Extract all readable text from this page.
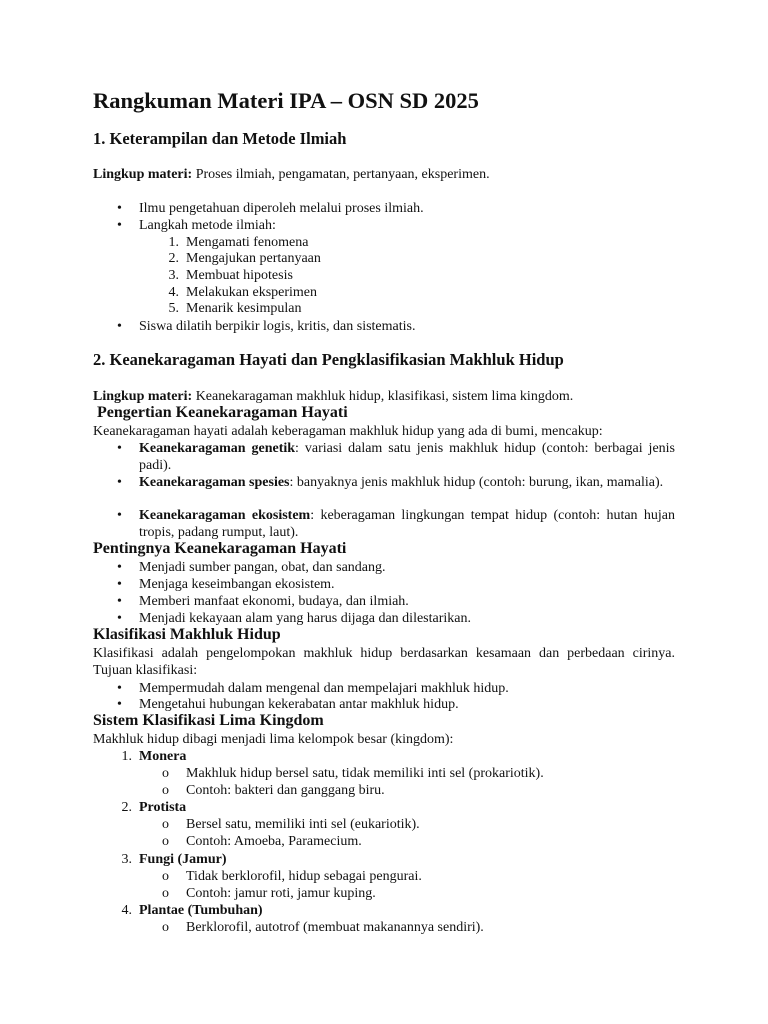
Rangkuman Materi IPA – OSN SD 2025
1. Keterampilan dan Metode Ilmiah

Lingkup materi: Proses ilmiah, pengamatan, pertanyaan, eksperimen.

• Ilmu pengetahuan diperoleh melalui proses ilmiah.
• Langkah metode ilmiah:
1. Mengamati fenomena
2. Mengajukan pertanyaan
3. Membuat hipotesis
4. Melakukan eksperimen
5. Menarik kesimpulan
• Siswa dilatih berpikir logis, kritis, dan sistematis.
2. Keanekaragaman Hayati dan Pengklasifikasian Makhluk Hidup

Lingkup materi: Keanekaragaman makhluk hidup, klasifikasi, sistem lima kingdom.

Pengertian Keanekaragaman Hayati

Keanekaragaman hayati adalah keberagaman makhluk hidup yang ada di bumi, mencakup:

• Keanekaragaman genetik: variasi dalam satu jenis makhluk hidup (contoh: berbagai jenis padi).
• Keanekaragaman spesies: banyaknya jenis makhluk hidup (contoh: burung, ikan, mamalia).
• Keanekaragaman ekosistem: keberagaman lingkungan tempat hidup (contoh: hutan hujan tropis, padang rumput, laut).
Pentingnya Keanekaragaman Hayati
• Menjadi sumber pangan, obat, dan sandang.
• Menjaga keseimbangan ekosistem.
• Memberi manfaat ekonomi, budaya, dan ilmiah.
• Menjadi kekayaan alam yang harus dijaga dan dilestarikan.
Klasifikasi Makhluk Hidup

Klasifikasi adalah pengelompokan makhluk hidup berdasarkan kesamaan dan perbedaan cirinya. Tujuan klasifikasi:

• Mempermudah dalam mengenal dan mempelajari makhluk hidup.
• Mengetahui hubungan kekerabatan antar makhluk hidup.
Sistem Klasifikasi Lima Kingdom

Makhluk hidup dibagi menjadi lima kelompok besar (kingdom):

1. Monera
o Makhluk hidup bersel satu, tidak memiliki inti sel (prokariotik).
o Contoh: bakteri dan ganggang biru.
2. Protista
o Bersel satu, memiliki inti sel (eukariotik).
o Contoh: Amoeba, Paramecium.
3. Fungi (Jamur)
o Tidak berklorofil, hidup sebagai pengurai.
o Contoh: jamur roti, jamur kuping.
4. Plantae (Tumbuhan)
o Berklorofil, autotrof (membuat makanannya sendiri).
